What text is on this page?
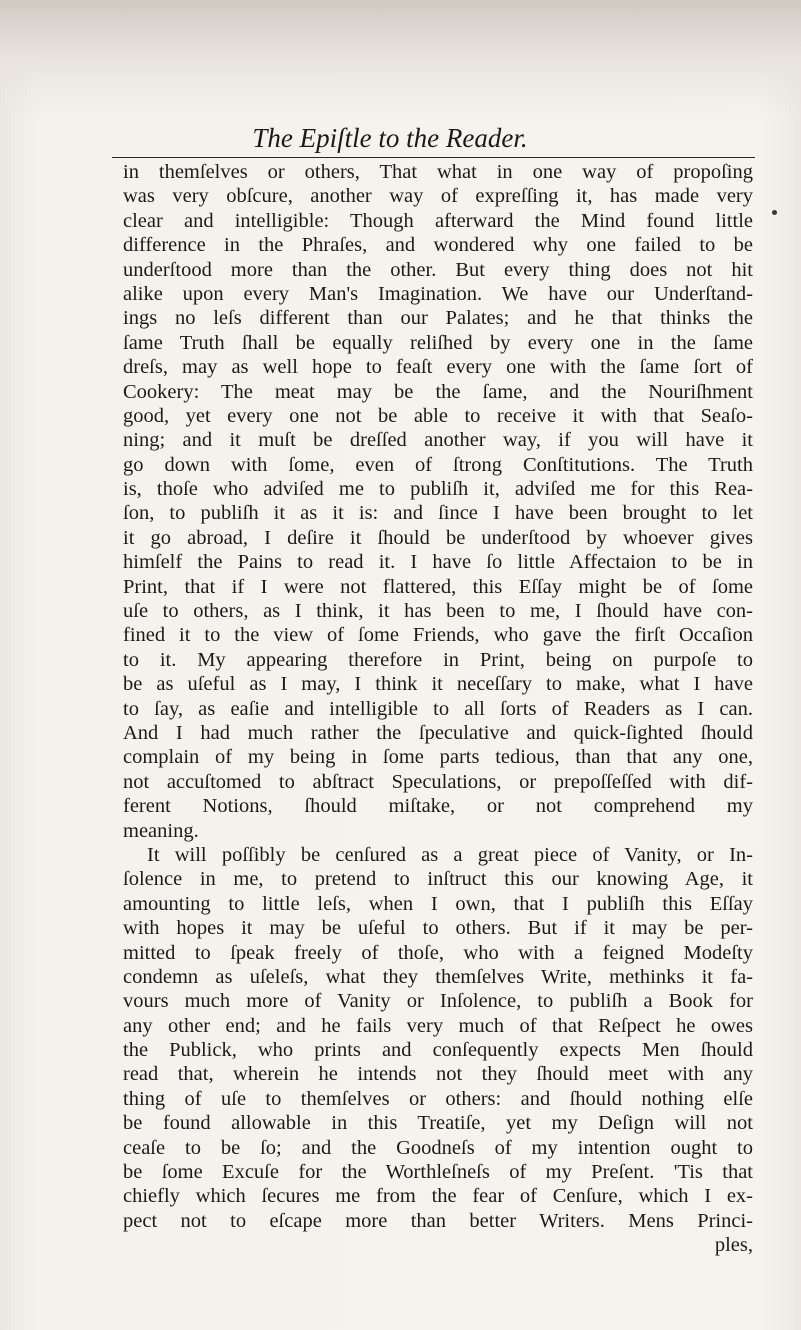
The Epiſtle to the Reader.
in themſelves or others, That what in one way of propoſing
was very obſcure, another way of expreſſing it, has made very
clear and intelligible: Though afterward the Mind found little
difference in the Phraſes, and wondered why one failed to be
underſtood more than the other. But every thing does not hit
alike upon every Man's Imagination. We have our Underſtand-
ings no leſs different than our Palates; and he that thinks the
ſame Truth ſhall be equally reliſhed by every one in the ſame
dreſs, may as well hope to feaſt every one with the ſame ſort of
Cookery: The meat may be the ſame, and the Nouriſhment
good, yet every one not be able to receive it with that Seaſo-
ning; and it muſt be dreſſed another way, if you will have it
go down with ſome, even of ſtrong Conſtitutions. The Truth
is, thoſe who adviſed me to publiſh it, adviſed me for this Rea-
ſon, to publiſh it as it is: and ſince I have been brought to let
it go abroad, I deſire it ſhould be underſtood by whoever gives
himſelf the Pains to read it. I have ſo little Affectaion to be in
Print, that if I were not flattered, this Eſſay might be of ſome
uſe to others, as I think, it has been to me, I ſhould have con-
fined it to the view of ſome Friends, who gave the firſt Occaſion
to it. My appearing therefore in Print, being on purpoſe to
be as uſeful as I may, I think it neceſſary to make, what I have
to ſay, as eaſie and intelligible to all ſorts of Readers as I can.
And I had much rather the ſpeculative and quick-ſighted ſhould
complain of my being in ſome parts tedious, than that any one,
not accuſtomed to abſtract Speculations, or prepoſſeſſed with dif-
ferent Notions, ſhould miſtake, or not comprehend my
meaning.
It will poſſibly be cenſured as a great piece of Vanity, or In-
ſolence in me, to pretend to inſtruct this our knowing Age, it
amounting to little leſs, when I own, that I publiſh this Eſſay
with hopes it may be uſeful to others. But if it may be per-
mitted to ſpeak freely of thoſe, who with a feigned Modeſty
condemn as uſeleſs, what they themſelves Write, methinks it fa-
vours much more of Vanity or Inſolence, to publiſh a Book for
any other end; and he fails very much of that Reſpect he owes
the Publick, who prints and conſequently expects Men ſhould
read that, wherein he intends not they ſhould meet with any
thing of uſe to themſelves or others: and ſhould nothing elſe
be found allowable in this Treatiſe, yet my Deſign will not
ceaſe to be ſo; and the Goodneſs of my intention ought to
be ſome Excuſe for the Worthleſneſs of my Preſent. 'Tis that
chiefly which ſecures me from the fear of Cenſure, which I ex-
pect not to eſcape more than better Writers. Mens Princi-
ples,
